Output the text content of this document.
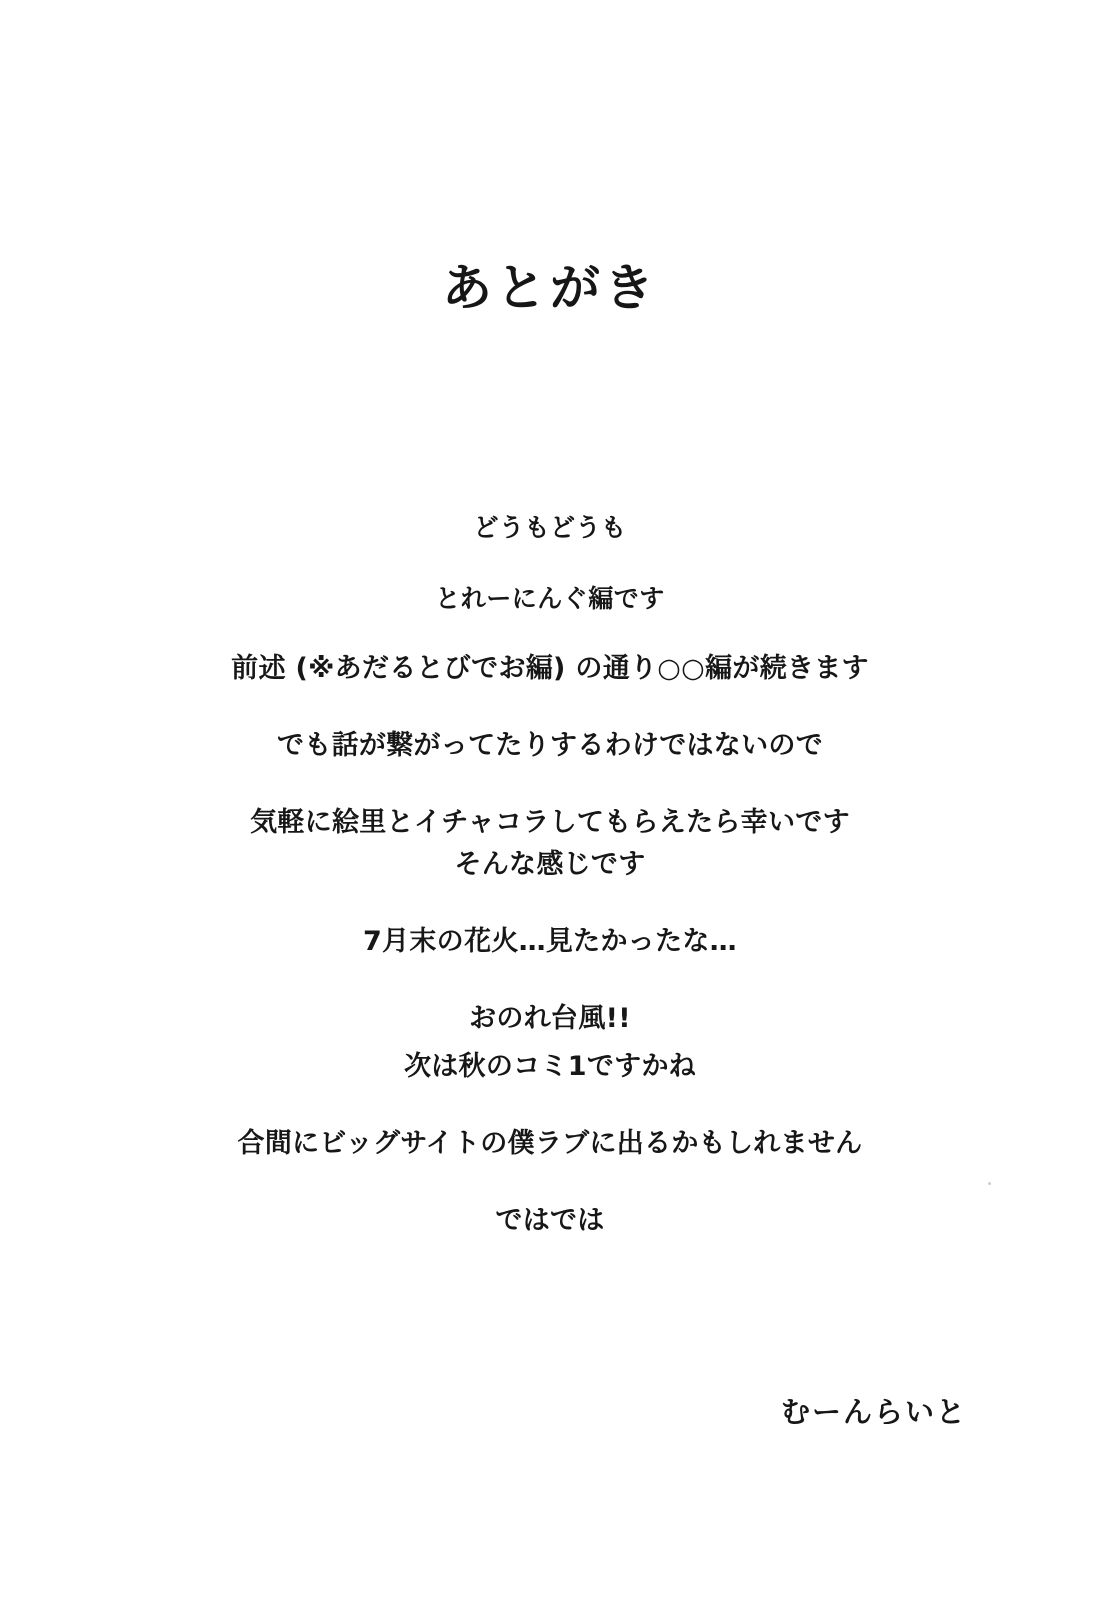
あとがき

どうもどうも

とれーにんぐ編です

前述 (※あだるとびでお編) の通り○○編が続きます

でも話が繋がってたりするわけではないので

気軽に絵里とイチャコラしてもらえたら幸いです

そんな感じです

7月末の花火…見たかったな…

おのれ台風!!

次は秋のコミ1ですかね

合間にビッグサイトの僕ラブに出るかもしれません

ではでは

むーんらいと
